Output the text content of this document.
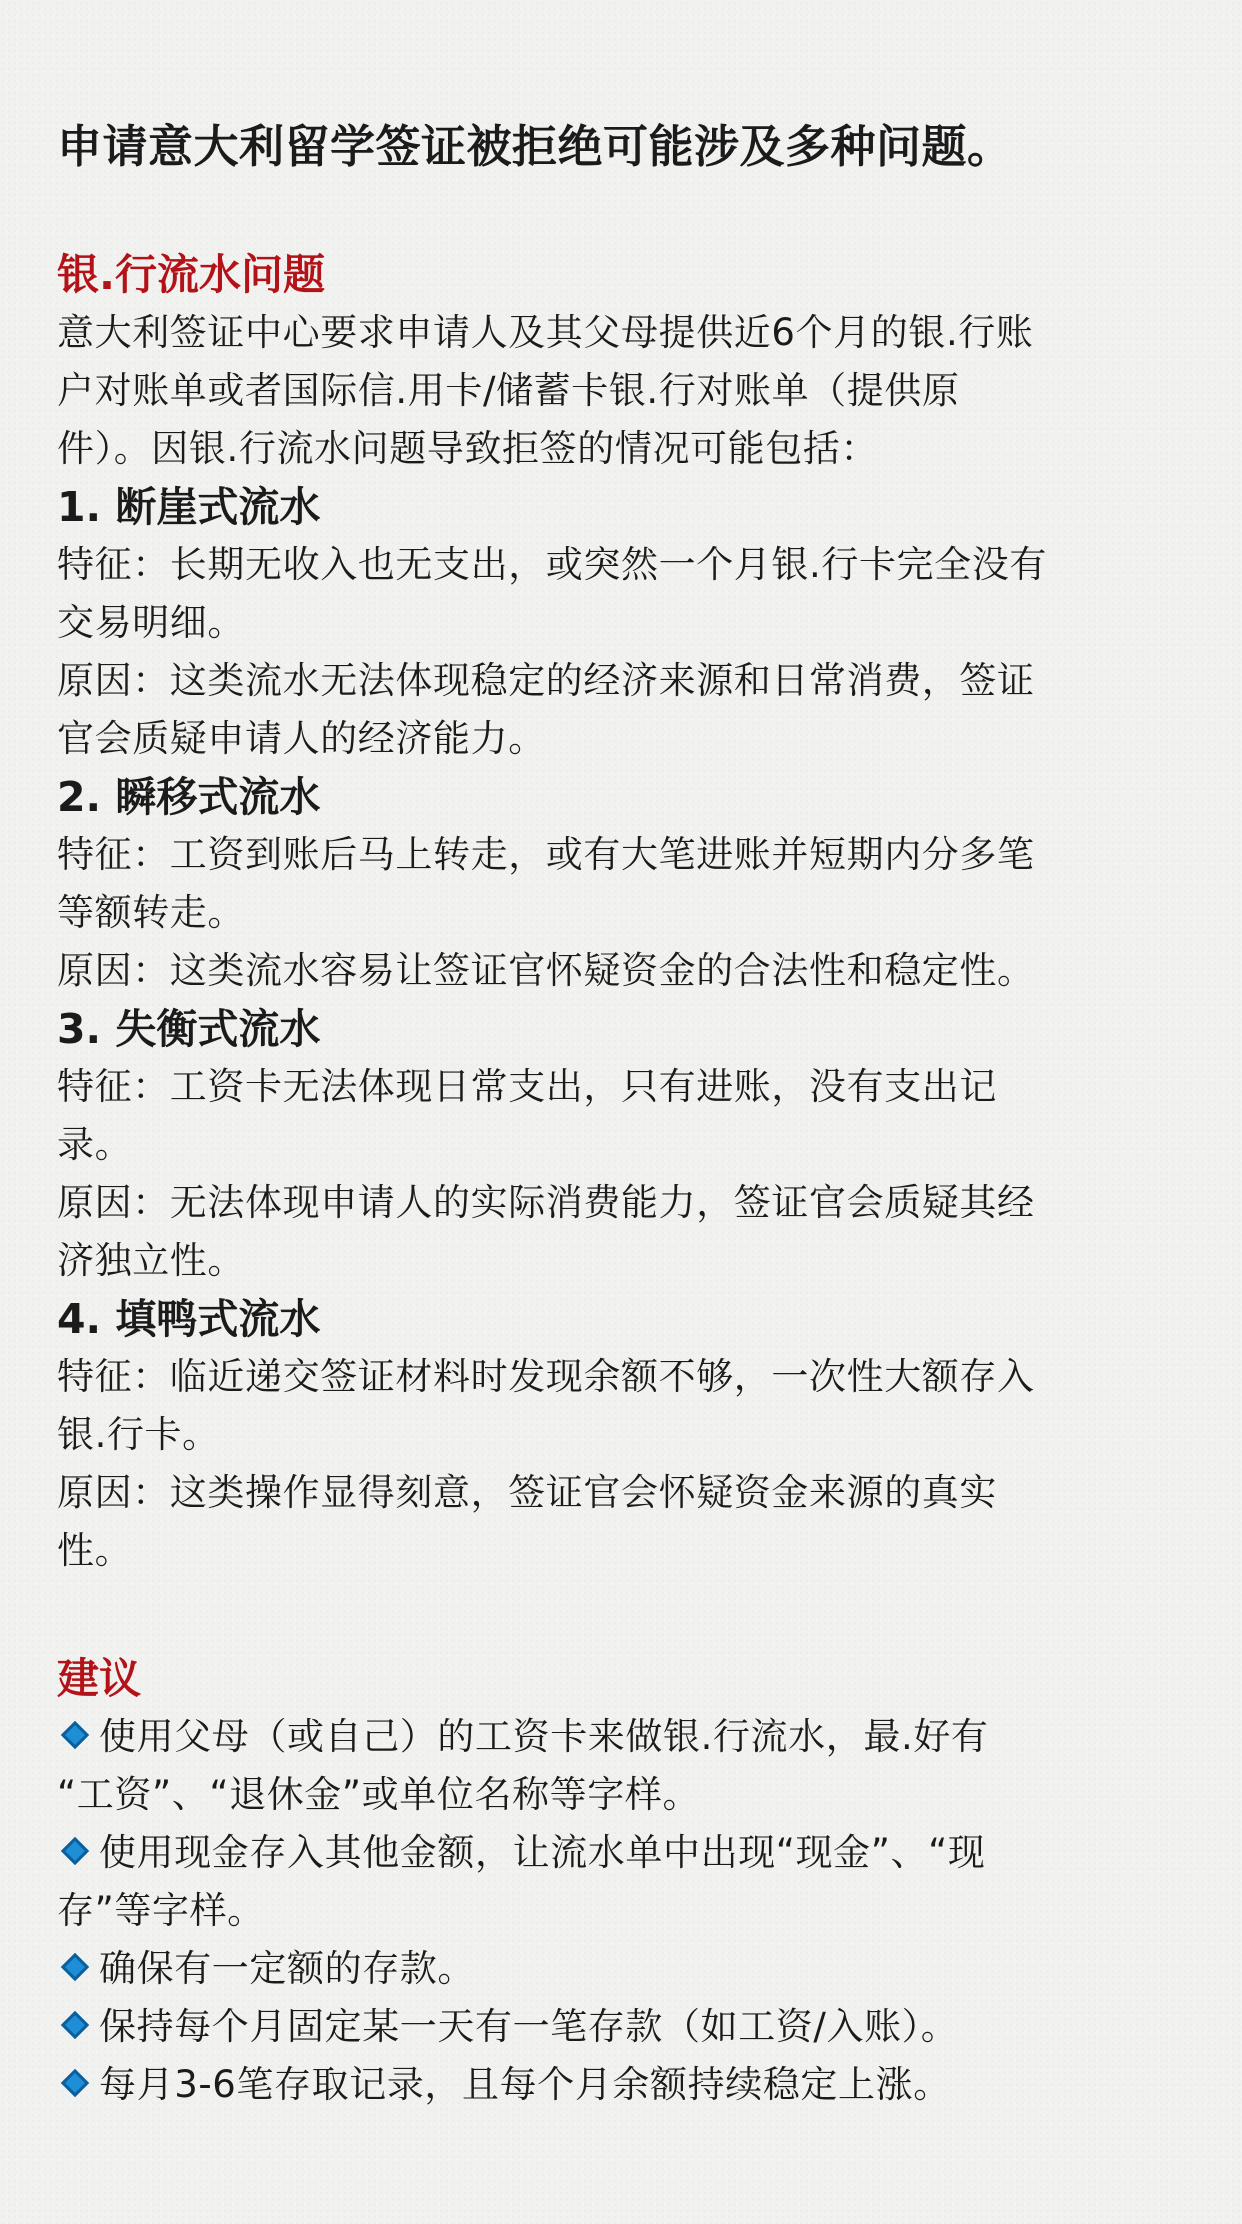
申请意大利留学签证被拒绝可能涉及多种问题。
银.行流水问题

意大利签证中心要求申请人及其父母提供近6个月的银.行账

户对账单或者国际信.用卡/储蓄卡银.行对账单（提供原

件）。因银.行流水问题导致拒签的情况可能包括：

1. 断崖式流水

特征：长期无收入也无支出，或突然一个月银.行卡完全没有

交易明细。

原因：这类流水无法体现稳定的经济来源和日常消费，签证

官会质疑申请人的经济能力。

2. 瞬移式流水

特征：工资到账后马上转走，或有大笔进账并短期内分多笔

等额转走。

原因：这类流水容易让签证官怀疑资金的合法性和稳定性。

3. 失衡式流水

特征：工资卡无法体现日常支出，只有进账，没有支出记

录。

原因：无法体现申请人的实际消费能力，签证官会质疑其经

济独立性。

4. 填鸭式流水

特征：临近递交签证材料时发现余额不够，一次性大额存入

银.行卡。

原因：这类操作显得刻意，签证官会怀疑资金来源的真实

性。

建议
使用父母（或自己）的工资卡来做银.行流水，最.好有
“工资”、“退休金”或单位名称等字样。
使用现金存入其他金额，让流水单中出现“现金”、“现
存”等字样。
确保有一定额的存款。
保持每个月固定某一天有一笔存款（如工资/入账）。
每月3-6笔存取记录，且每个月余额持续稳定上涨。
